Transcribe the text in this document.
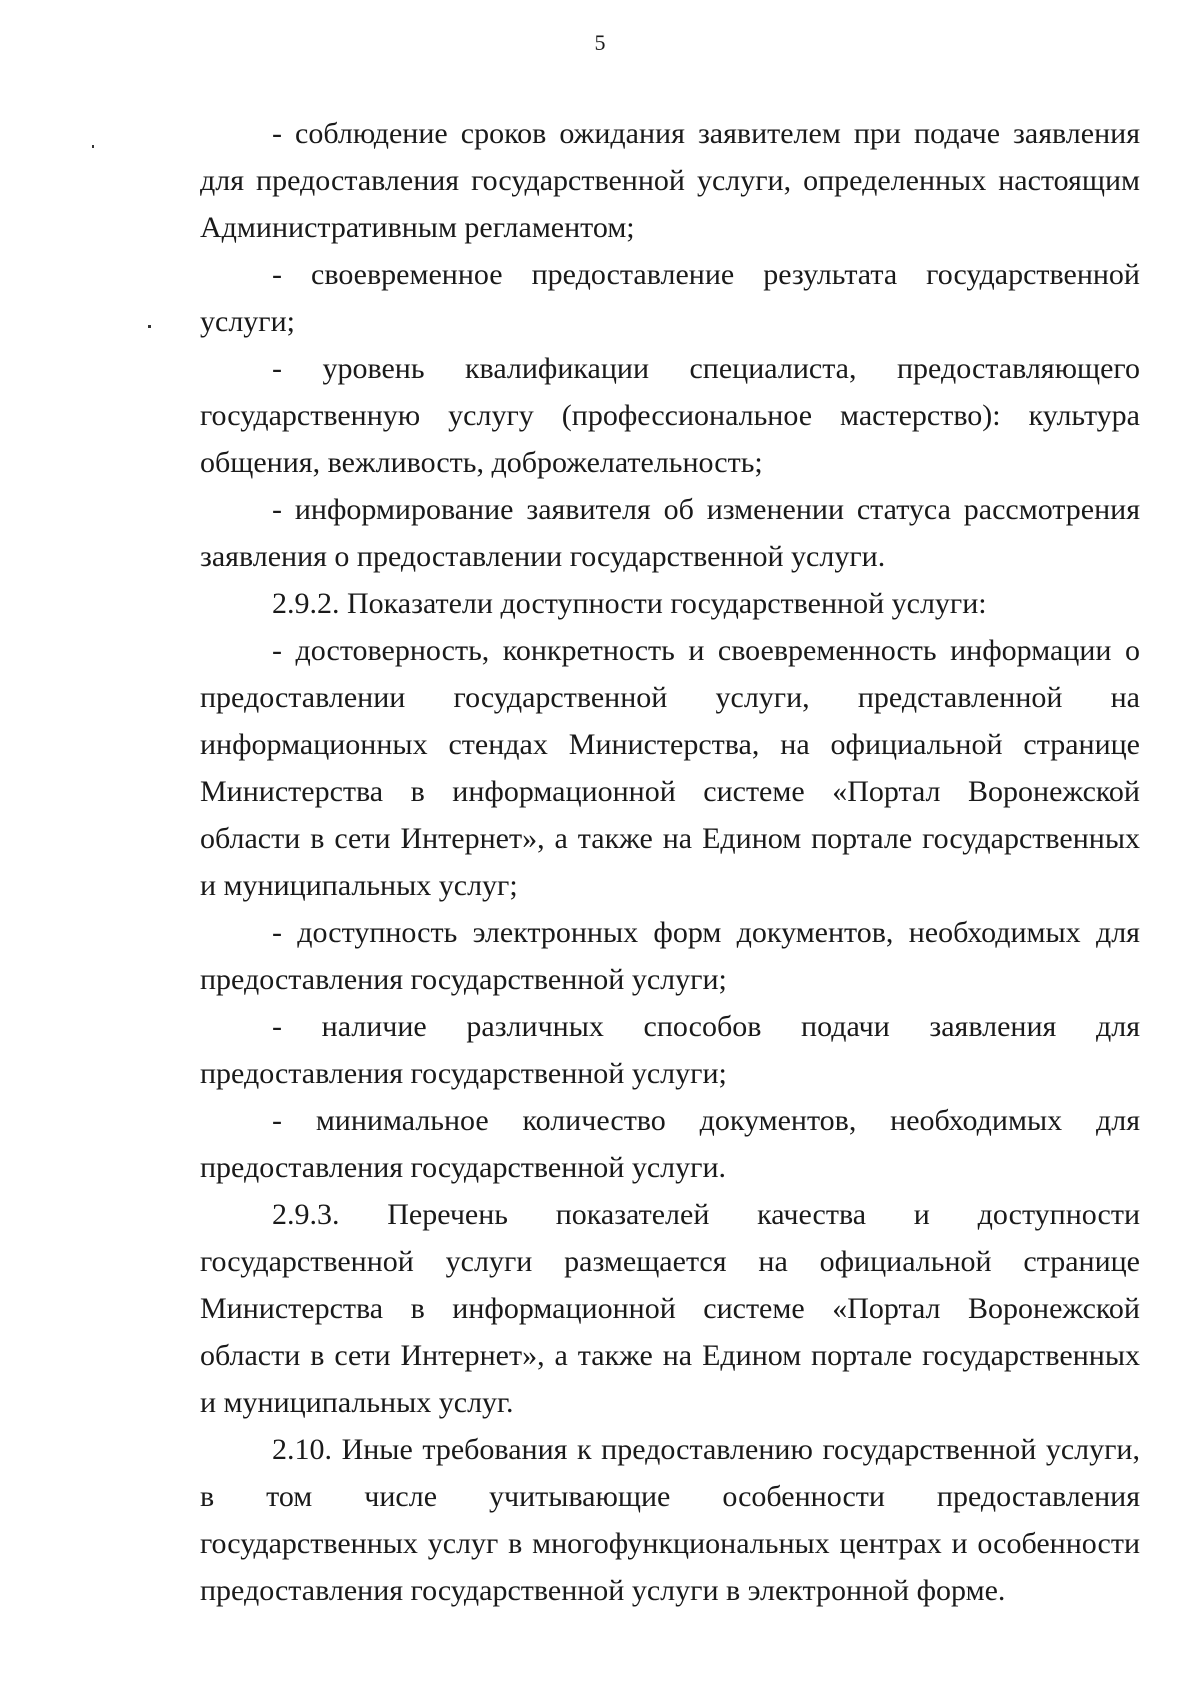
5

- соблюдение сроков ожидания заявителем при подаче заявления для предоставления государственной услуги, определенных настоящим Административным регламентом;

- своевременное предоставление результата государственной услуги;

- уровень квалификации специалиста, предоставляющего государственную услугу (профессиональное мастерство): культура общения, вежливость, доброжелательность;

- информирование заявителя об изменении статуса рассмотрения заявления о предоставлении государственной услуги.

2.9.2. Показатели доступности государственной услуги:

- достоверность, конкретность и своевременность информации о предоставлении государственной услуги, представленной на информационных стендах Министерства, на официальной странице Министерства в информационной системе «Портал Воронежской области в сети Интернет», а также на Едином портале государственных и муниципальных услуг;

- доступность электронных форм документов, необходимых для предоставления государственной услуги;

- наличие различных способов подачи заявления для предоставления государственной услуги;

- минимальное количество документов, необходимых для предоставления государственной услуги.

2.9.3. Перечень показателей качества и доступности государственной услуги размещается на официальной странице Министерства в информационной системе «Портал Воронежской области в сети Интернет», а также на Едином портале государственных и муниципальных услуг.

2.10. Иные требования к предоставлению государственной услуги, в том числе учитывающие особенности предоставления государственных услуг в многофункциональных центрах и особенности предоставления государственной услуги в электронной форме.
